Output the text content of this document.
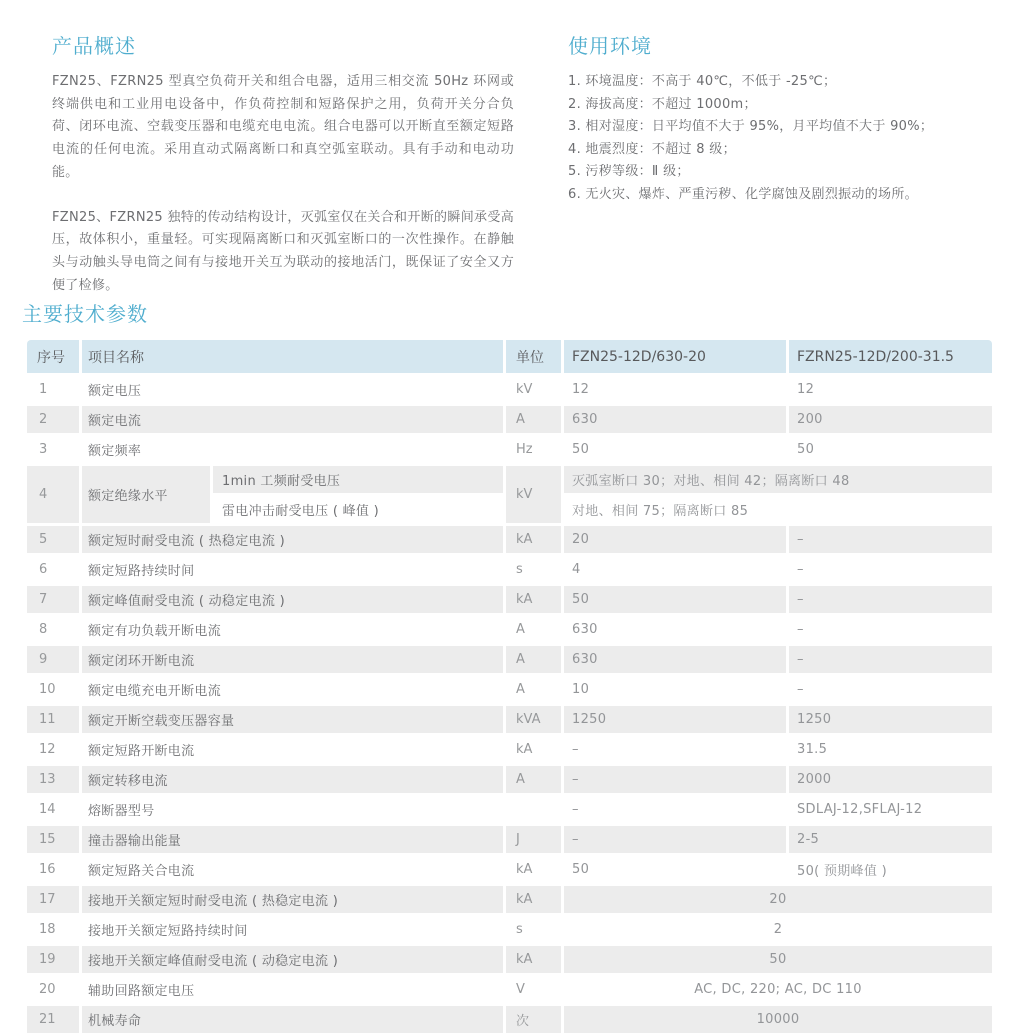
产品概述

FZN25、FZRN25 型真空负荷开关和组合电器，适用三相交流 50Hz 环网或终端供电和工业用电设备中，作负荷控制和短路保护之用，负荷开关分合负荷、闭环电流、空载变压器和电缆充电电流。组合电器可以开断直至额定短路电流的任何电流。采用直动式隔离断口和真空弧室联动。具有手动和电动功能。

FZN25、FZRN25 独特的传动结构设计，灭弧室仅在关合和开断的瞬间承受高压，故体积小，重量轻。可实现隔离断口和灭弧室断口的一次性操作。在静触头与动触头导电筒之间有与接地开关互为联动的接地活门，既保证了安全又方便了检修。

使用环境
1. 环境温度：不高于 40℃，不低于 -25℃；
2. 海拔高度：不超过 1000m；
3. 相对湿度：日平均值不大于 95%，月平均值不大于 90%；
4. 地震烈度：不超过 8 级；
5. 污秽等级：Ⅱ 级；
6. 无火灾、爆炸、严重污秽、化学腐蚀及剧烈振动的场所。
主要技术参数
序号	项目名称		单位	FZN25-12D/630-20	FZRN25-12D/200-31.5
1	额定电压		kV	12	12
2	额定电流		A	630	200
3	额定频率		Hz	50	50
4	额定绝缘水平	1min 工频耐受电压	kV	灭弧室断口 30；对地、相间 42；隔离断口 48	
		雷电冲击耐受电压 ( 峰值 )		对地、相间 75；隔离断口 85	
5	额定短时耐受电流 ( 热稳定电流 )		kA	20	–
6	额定短路持续时间		s	4	–
7	额定峰值耐受电流 ( 动稳定电流 )		kA	50	–
8	额定有功负载开断电流		A	630	–
9	额定闭环开断电流		A	630	–
10	额定电缆充电开断电流		A	10	–
11	额定开断空载变压器容量		kVA	1250	1250
12	额定短路开断电流		kA	–	31.5
13	额定转移电流		A	–	2000
14	熔断器型号			–	SDLAJ-12,SFLAJ-12
15	撞击器输出能量		J	–	2-5
16	额定短路关合电流		kA	50	50( 预期峰值 )
17	接地开关额定短时耐受电流 ( 热稳定电流 )		kA	20	
18	接地开关额定短路持续时间		s	2	
19	接地开关额定峰值耐受电流 ( 动稳定电流 )		kA	50	
20	辅助回路额定电压		V	AC, DC, 220; AC, DC 110	
21	机械寿命		次	10000	
